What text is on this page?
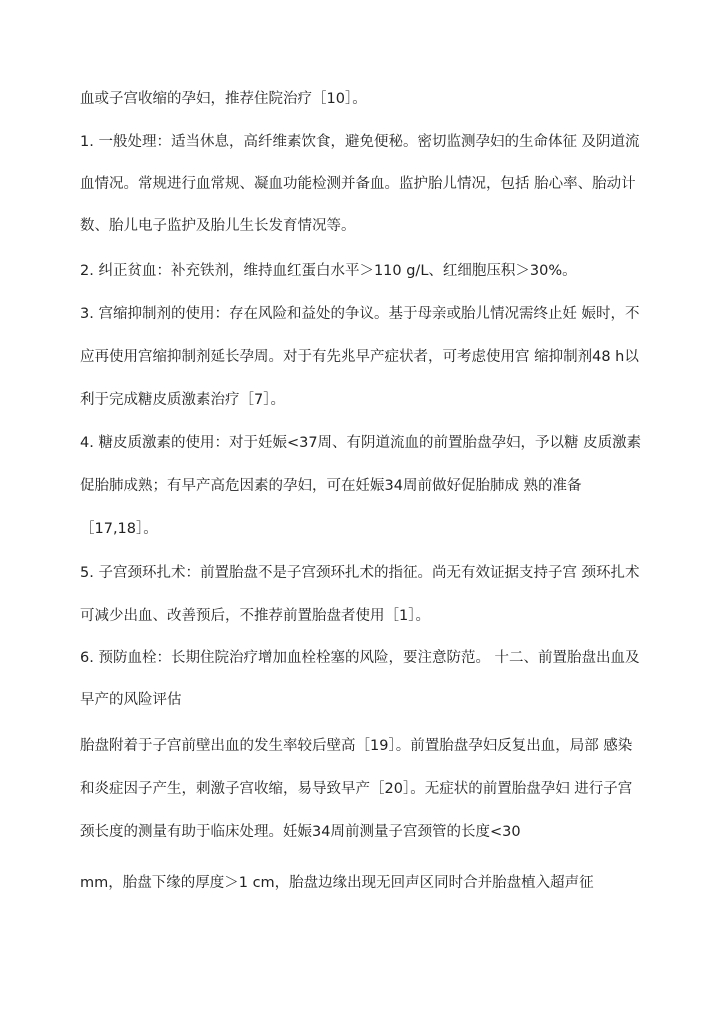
血或子宫收缩的孕妇，推荐住院治疗［10］。
1. 一般处理：适当休息，高纤维素饮食，避免便秘。密切监测孕妇的生命体征 及阴道流
血情况。常规进行血常规、凝血功能检测并备血。监护胎儿情况，包括 胎心率、胎动计
数、胎儿电子监护及胎儿生长发育情况等。
2. 纠正贫血：补充铁剂，维持血红蛋白水平＞110 g/L、红细胞压积＞30%。
3. 宫缩抑制剂的使用：存在风险和益处的争议。基于母亲或胎儿情况需终止妊 娠时，不
应再使用宫缩抑制剂延长孕周。对于有先兆早产症状者，可考虑使用宫 缩抑制剂48 h以
利于完成糖皮质激素治疗［7］。
4. 糖皮质激素的使用：对于妊娠<37周、有阴道流血的前置胎盘孕妇，予以糖 皮质激素
促胎肺成熟；有早产高危因素的孕妇，可在妊娠34周前做好促胎肺成 熟的准备
［17,18］。
5. 子宫颈环扎术：前置胎盘不是子宫颈环扎术的指征。尚无有效证据支持子宫 颈环扎术
可减少出血、改善预后，不推荐前置胎盘者使用［1］。
6. 预防血栓：长期住院治疗增加血栓栓塞的风险，要注意防范。 十二、前置胎盘出血及
早产的风险评估
胎盘附着于子宫前壁出血的发生率较后壁高［19］。前置胎盘孕妇反复出血，局部 感染
和炎症因子产生，刺激子宫收缩，易导致早产［20］。无症状的前置胎盘孕妇 进行子宫
颈长度的测量有助于临床处理。妊娠34周前测量子宫颈管的长度<30
mm，胎盘下缘的厚度＞1 cm，胎盘边缘出现无回声区同时合并胎盘植入超声征
